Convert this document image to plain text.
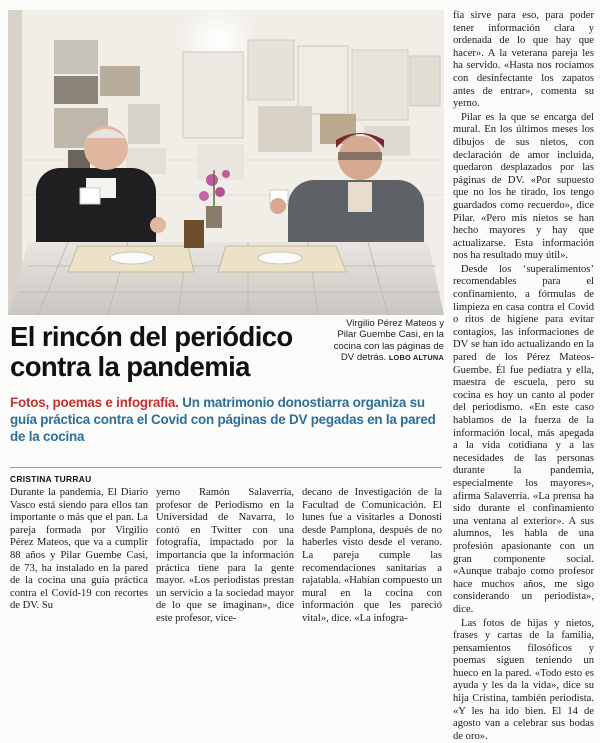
Virgilio Pérez Mateos y Pilar Guembe Casi, en la cocina con las páginas de DV detrás. LOBO ALTUNA
El rincón del periódico contra la pandemia
Fotos, poemas e infografía. Un matrimonio donostiarra organiza su guía práctica contra el Covid con páginas de DV pegadas en la pared de la cocina
CRISTINA TURRAU

Durante la pandemia, El Diario Vasco está siendo para ellos tan importante o más que el pan. La pareja formada por Virgilio Pérez Mateos, que va a cumplir 88 años y Pilar Guembe Casi, de 73, ha instalado en la pared de la cocina una guía práctica contra el Covid-19 con recortes de DV. Su

yerno Ramón Salaverría, profesor de Periodismo en la Universidad de Navarra, lo contó en Twitter con una fotografía, impactado por la importancia que la información práctica tiene para la gente mayor. «Los periodistas prestan un servicio a la sociedad mayor de lo que se imaginan», dice este profesor, vice-

decano de Investigación de la Facultad de Comunicación. El lunes fue a visitarles a Donosti desde Pamplona, después de no haberles visto desde el verano. La pareja cumple las recomendaciones sanitarias a rajatabla. «Habían compuesto un mural en la cocina con información que les pareció vital», dice. «La infogra-

fía sirve para eso, para poder tener información clara y ordenada de lo que hay que hacer». A la veterana pareja les ha servido. «Hasta nos rociamos con desinfectante los zapatos antes de entrar», comenta su yerno.

Pilar es la que se encarga del mural. En los últimos meses los dibujos de sus nietos, con declaración de amor incluida, quedaron desplazados por las páginas de DV. «Por supuesto que no los he tirado, los tengo guardados como recuerdo», dice Pilar. «Pero mis nietos se han hecho mayores y hay que actualizarse. Esta información nos ha resultado muy útil».

Desde los ‘superalimentos’ recomendables para el confinamiento, a fórmulas de limpieza en casa contra el Covid o ritos de higiene para evitar contagios, las informaciones de DV se han ido actualizando en la pared de los Pérez Mateos-Guembe. Él fue pediatra y ella, maestra de escuela, pero su cocina es hoy un canto al poder del periodismo. «En este caso hablamos de la fuerza de la información local, más apegada a la vida cotidiana y a las necesidades de las personas durante la pandemia, especialmente los mayores», afirma Salaverría. «La prensa ha sido durante el confinamiento una ventana al exterior». A sus alumnos, les habla de una profesión apasionante con un gran componente social. «Aunque trabajo como profesor hace muchos años, me sigo considerando un periodista», dice.

Las fotos de hijas y nietos, frases y cartas de la familia, pensamientos filosóficos y poemas siguen teniendo un hueco en la pared. «Todo esto es ayuda y les da la vida», dice su hija Cristina, también periodista. «Y les ha ido bien. El 14 de agosto van a celebrar sus bodas de oro».
